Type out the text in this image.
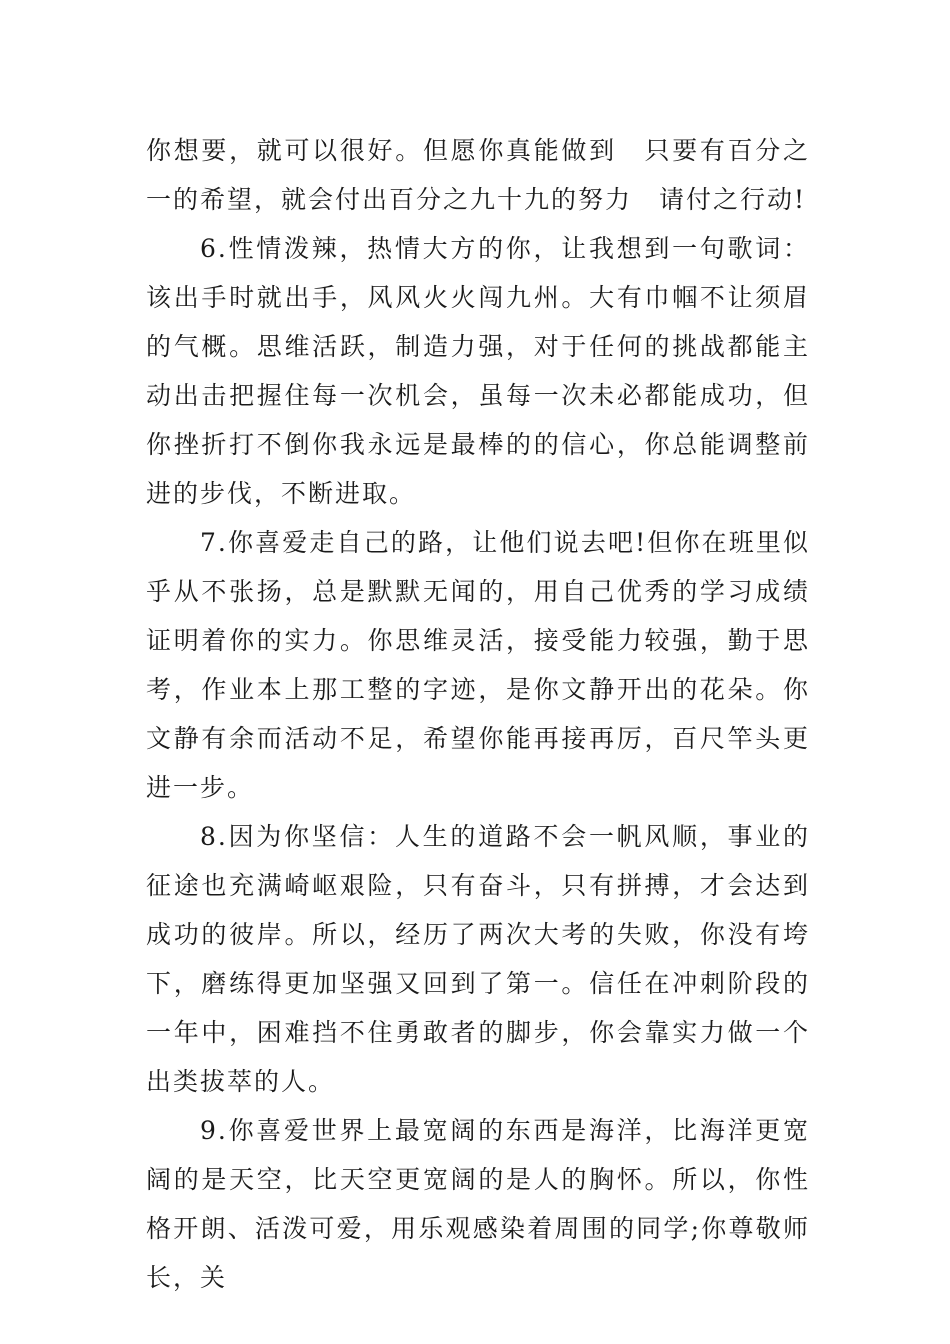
你想要，就可以很好。但愿你真能做到　只要有百分之一的希望，就会付出百分之九十九的努力　请付之行动!

6.性情泼辣，热情大方的你，让我想到一句歌词：该出手时就出手，风风火火闯九州。大有巾帼不让须眉的气概。思维活跃，制造力强，对于任何的挑战都能主动出击把握住每一次机会，虽每一次未必都能成功，但你挫折打不倒你我永远是最棒的的信心，你总能调整前进的步伐，不断进取。

7.你喜爱走自己的路，让他们说去吧!但你在班里似乎从不张扬，总是默默无闻的，用自己优秀的学习成绩证明着你的实力。你思维灵活，接受能力较强，勤于思考，作业本上那工整的字迹，是你文静开出的花朵。你文静有余而活动不足，希望你能再接再厉，百尺竿头更进一步。

8.因为你坚信：人生的道路不会一帆风顺，事业的征途也充满崎岖艰险，只有奋斗，只有拼搏，才会达到成功的彼岸。所以，经历了两次大考的失败，你没有垮下，磨练得更加坚强又回到了第一。信任在冲刺阶段的一年中，困难挡不住勇敢者的脚步，你会靠实力做一个出类拔萃的人。

9.你喜爱世界上最宽阔的东西是海洋，比海洋更宽阔的是天空，比天空更宽阔的是人的胸怀。所以，你性格开朗、活泼可爱，用乐观感染着周围的同学;你尊敬师长，关
